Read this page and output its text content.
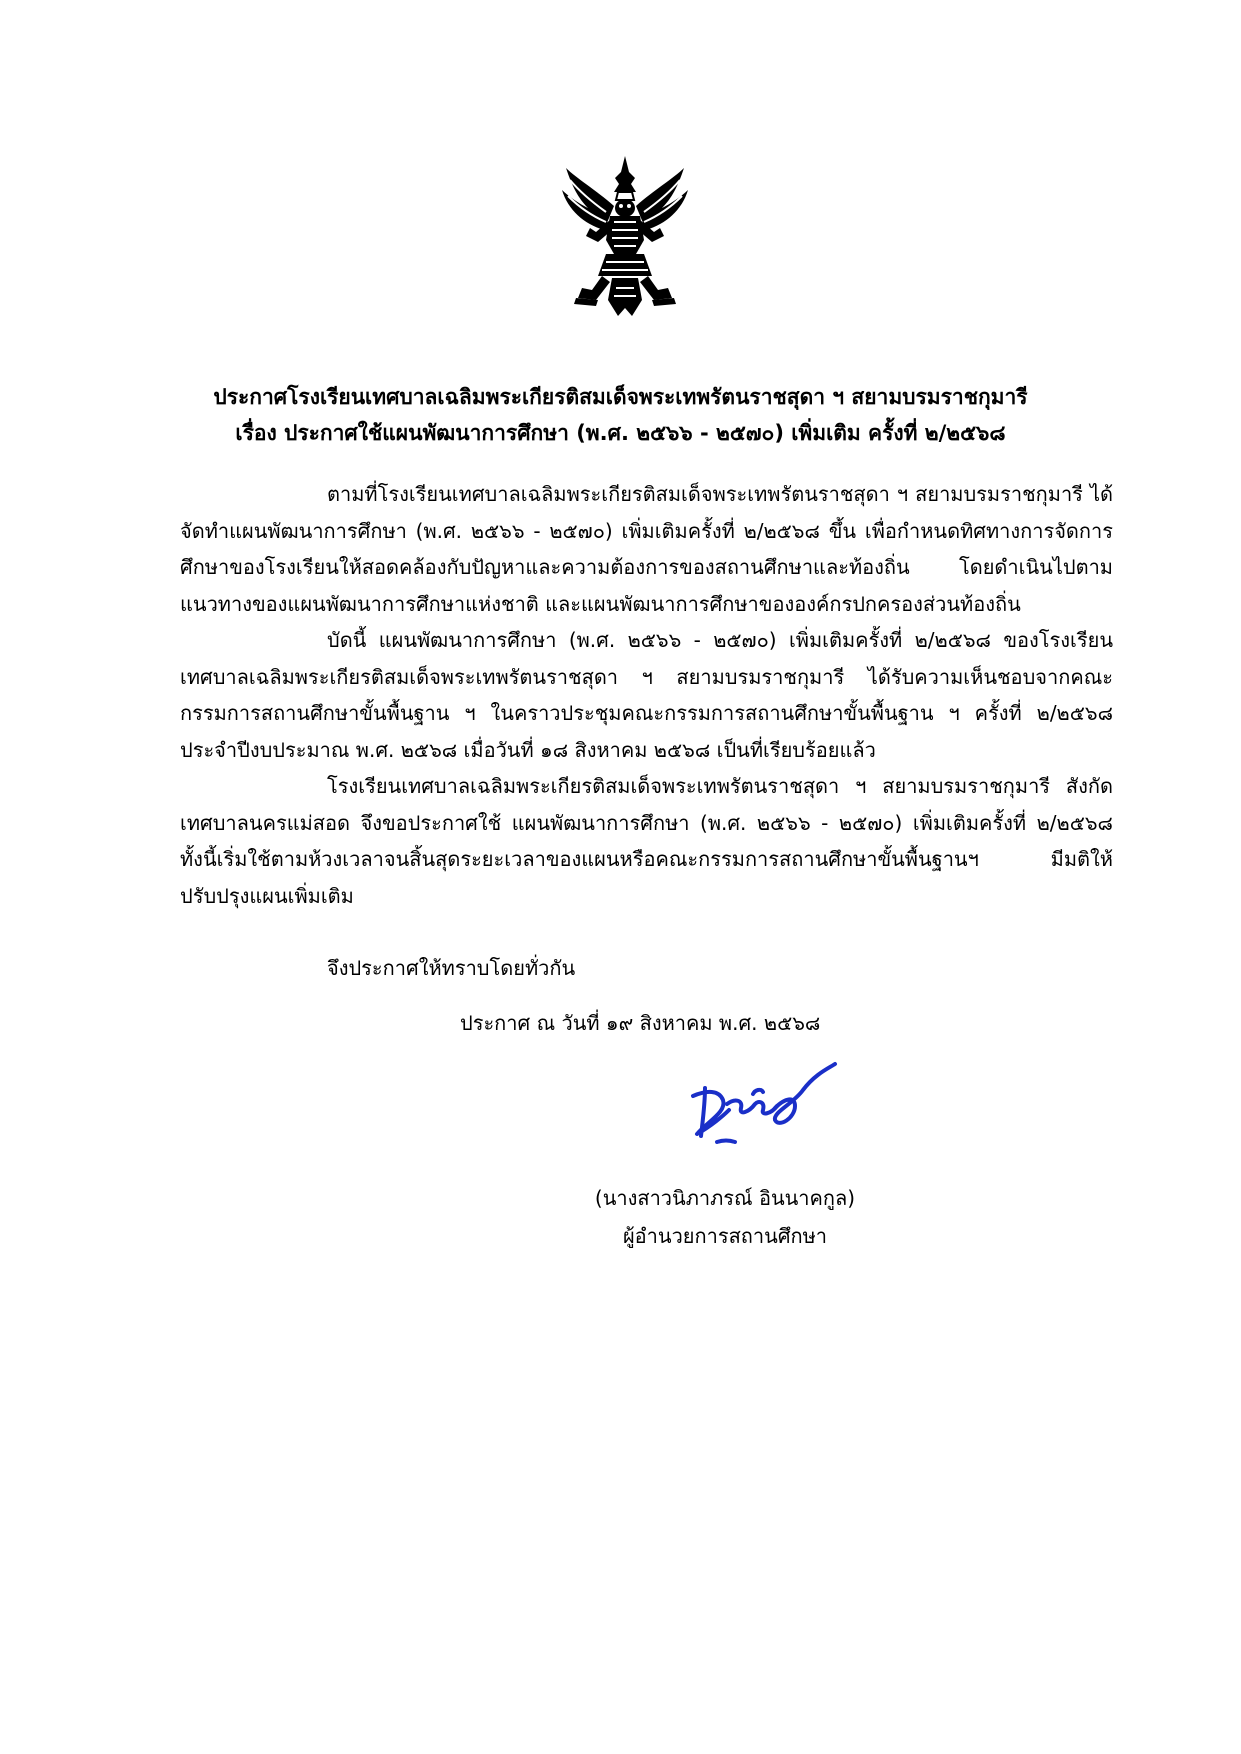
ประกาศโรงเรียนเทศบาลเฉลิมพระเกียรติสมเด็จพระเทพรัตนราชสุดา ฯ สยามบรมราชกุมารี
เรื่อง ประกาศใช้แผนพัฒนาการศึกษา (พ.ศ. ๒๕๖๖ - ๒๕๗๐) เพิ่มเติม ครั้งที่ ๒/๒๕๖๘

ตามที่โรงเรียนเทศบาลเฉลิมพระเกียรติสมเด็จพระเทพรัตนราชสุดา ฯ สยามบรมราชกุมารี ได้จัดทำแผนพัฒนาการศึกษา (พ.ศ. ๒๕๖๖ - ๒๕๗๐) เพิ่มเติมครั้งที่ ๒/๒๕๖๘ ขึ้น เพื่อกำหนดทิศทางการจัดการศึกษาของโรงเรียนให้สอดคล้องกับปัญหาและความต้องการของสถานศึกษาและท้องถิ่น โดยดำเนินไปตามแนวทางของแผนพัฒนาการศึกษาแห่งชาติ และแผนพัฒนาการศึกษาขององค์กรปกครองส่วนท้องถิ่น

บัดนี้ แผนพัฒนาการศึกษา (พ.ศ. ๒๕๖๖ - ๒๕๗๐) เพิ่มเติมครั้งที่ ๒/๒๕๖๘ ของโรงเรียนเทศบาลเฉลิมพระเกียรติสมเด็จพระเทพรัตนราชสุดา ฯ สยามบรมราชกุมารี ได้รับความเห็นชอบจากคณะกรรมการสถานศึกษาขั้นพื้นฐาน ฯ ในคราวประชุมคณะกรรมการสถานศึกษาขั้นพื้นฐาน ฯ ครั้งที่ ๒/๒๕๖๘ ประจำปีงบประมาณ พ.ศ. ๒๕๖๘ เมื่อวันที่ ๑๘ สิงหาคม ๒๕๖๘ เป็นที่เรียบร้อยแล้ว

โรงเรียนเทศบาลเฉลิมพระเกียรติสมเด็จพระเทพรัตนราชสุดา ฯ สยามบรมราชกุมารี สังกัดเทศบาลนครแม่สอด จึงขอประกาศใช้ แผนพัฒนาการศึกษา (พ.ศ. ๒๕๖๖ - ๒๕๗๐) เพิ่มเติมครั้งที่ ๒/๒๕๖๘ ทั้งนี้เริ่มใช้ตามห้วงเวลาจนสิ้นสุดระยะเวลาของแผนหรือคณะกรรมการสถานศึกษาขั้นพื้นฐานฯ มีมติให้ปรับปรุงแผนเพิ่มเติม

จึงประกาศให้ทราบโดยทั่วกัน
ประกาศ ณ วันที่ ๑๙ สิงหาคม พ.ศ. ๒๕๖๘
(นางสาวนิภาภรณ์ อินนาคกูล)
ผู้อำนวยการสถานศึกษา
